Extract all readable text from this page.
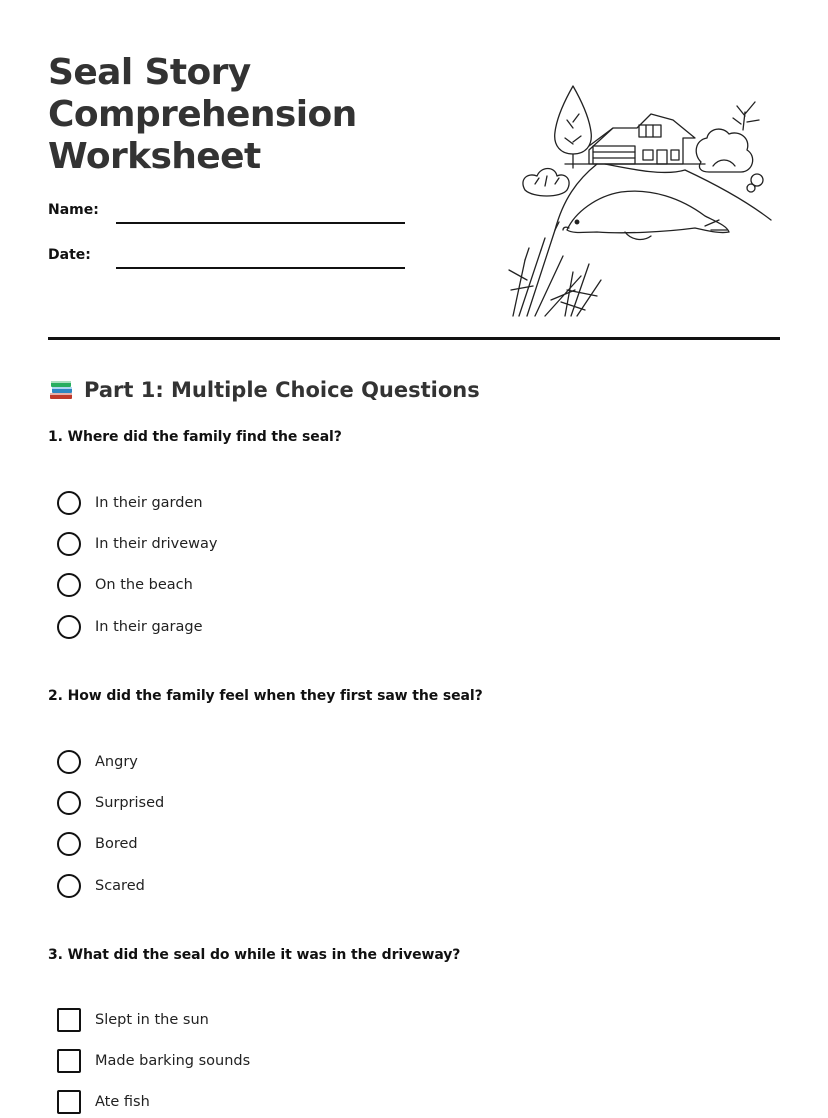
Seal Story Comprehension Worksheet
Name:
Date:
Part 1: Multiple Choice Questions
1. Where did the family find the seal?
In their garden
In their driveway
On the beach
In their garage
2. How did the family feel when they first saw the seal?
Angry
Surprised
Bored
Scared
3. What did the seal do while it was in the driveway?
Slept in the sun
Made barking sounds
Ate fish
